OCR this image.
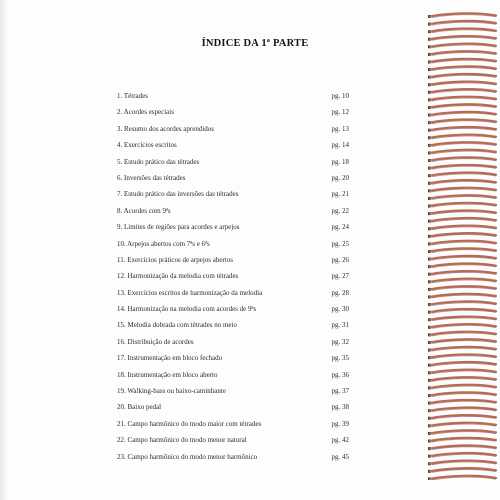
ÍNDICE DA 1ª PARTE
1. Tétrades	pg. 10
2. Acordes especiais	pg. 12
3. Resumo dos acordes aprendidos	pg. 13
4. Exercícios escritos	pg. 14
5. Estudo prático das tétrades	pg. 18
6. Inversões das tétrades	pg. 20
7. Estudo prático das inversões das tétrades	pg. 21
8. Acordes com 9ªs	pg. 22
9. Limites de regiões para acordes e arpejos	pg. 24
10. Arpejos abertos com 7ªs e 6ªs	pg. 25
11. Exercícios práticos de arpejos abertos	pg. 26
12. Harmonização da melodia com tétrades	pg. 27
13. Exercícios escritos de harmonização da melodia	pg. 28
14. Harmonização na melodia com acordes de 9ªs	pg. 30
15. Melodia dobrada com tétrades no meio	pg. 31
16. Distribuição de acordes	pg. 32
17. Instrumentação em bloco fechado	pg. 35
18. Instrumentação em bloco aberto	pg. 36
19. Walking-bass ou baixo-caminhante	pg. 37
20. Baixo pedal	pg. 38
21. Campo harmônico do modo maior com tétrades	pg. 39
22. Campo harmônico do modo menor natural	pg. 42
23. Campo harmônico do modo menor harmônico	pg. 45
